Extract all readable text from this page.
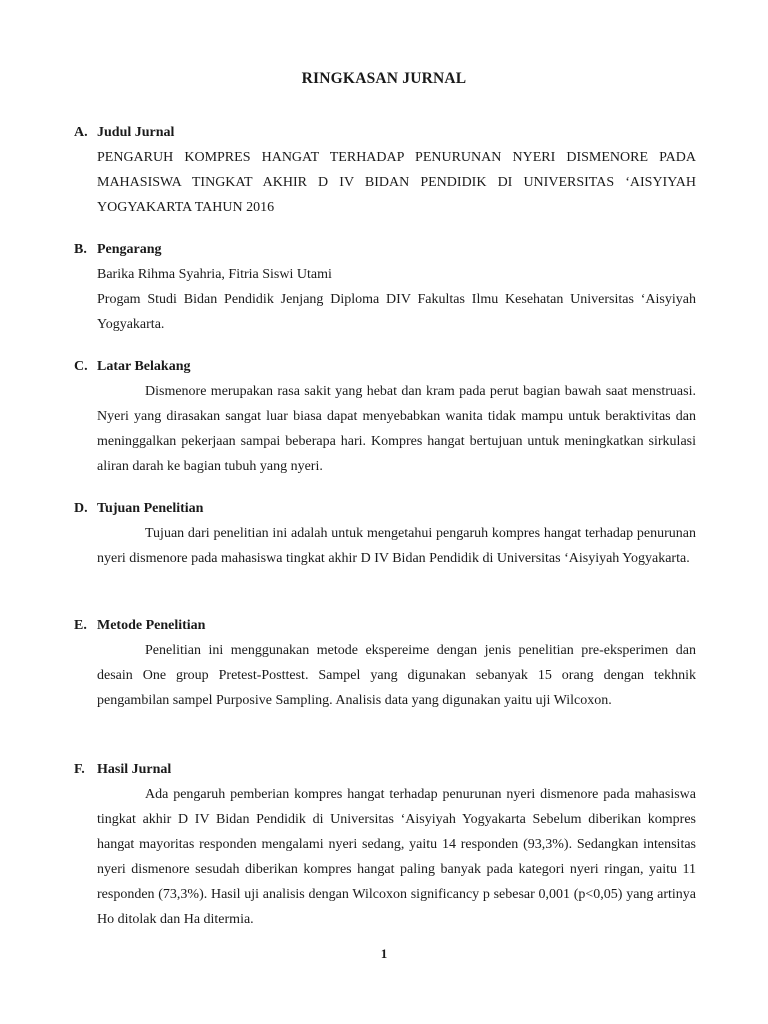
RINGKASAN JURNAL
A. Judul Jurnal

PENGARUH KOMPRES HANGAT TERHADAP PENURUNAN NYERI DISMENORE PADA MAHASISWA TINGKAT AKHIR D IV BIDAN PENDIDIK DI UNIVERSITAS ‘AISYIYAH YOGYAKARTA TAHUN 2016

B. Pengarang

Barika Rihma Syahria, Fitria Siswi Utami

Progam Studi Bidan Pendidik Jenjang Diploma DIV Fakultas Ilmu Kesehatan Universitas ‘Aisyiyah Yogyakarta.

C. Latar Belakang

Dismenore merupakan rasa sakit yang hebat dan kram pada perut bagian bawah saat menstruasi. Nyeri yang dirasakan sangat luar biasa dapat menyebabkan wanita tidak mampu untuk beraktivitas dan meninggalkan pekerjaan sampai beberapa hari. Kompres hangat bertujuan untuk meningkatkan sirkulasi aliran darah ke bagian tubuh yang nyeri.

D. Tujuan Penelitian

Tujuan dari penelitian ini adalah untuk mengetahui pengaruh kompres hangat terhadap penurunan nyeri dismenore pada mahasiswa tingkat akhir D IV Bidan Pendidik di Universitas ‘Aisyiyah Yogyakarta.

E. Metode Penelitian

Penelitian ini menggunakan metode ekspereime dengan jenis penelitian pre-eksperimen dan desain One group Pretest-Posttest. Sampel yang digunakan sebanyak 15 orang dengan tekhnik pengambilan sampel Purposive Sampling. Analisis data yang digunakan yaitu uji Wilcoxon.

F. Hasil Jurnal

Ada pengaruh pemberian kompres hangat terhadap penurunan nyeri dismenore pada mahasiswa tingkat akhir D IV Bidan Pendidik di Universitas ‘Aisyiyah Yogyakarta Sebelum diberikan kompres hangat mayoritas responden mengalami nyeri sedang, yaitu 14 responden (93,3%). Sedangkan intensitas nyeri dismenore sesudah diberikan kompres hangat paling banyak pada kategori nyeri ringan, yaitu 11 responden (73,3%). Hasil uji analisis dengan Wilcoxon significancy p sebesar 0,001 (p<0,05) yang artinya Ho ditolak dan Ha ditermia.

1
